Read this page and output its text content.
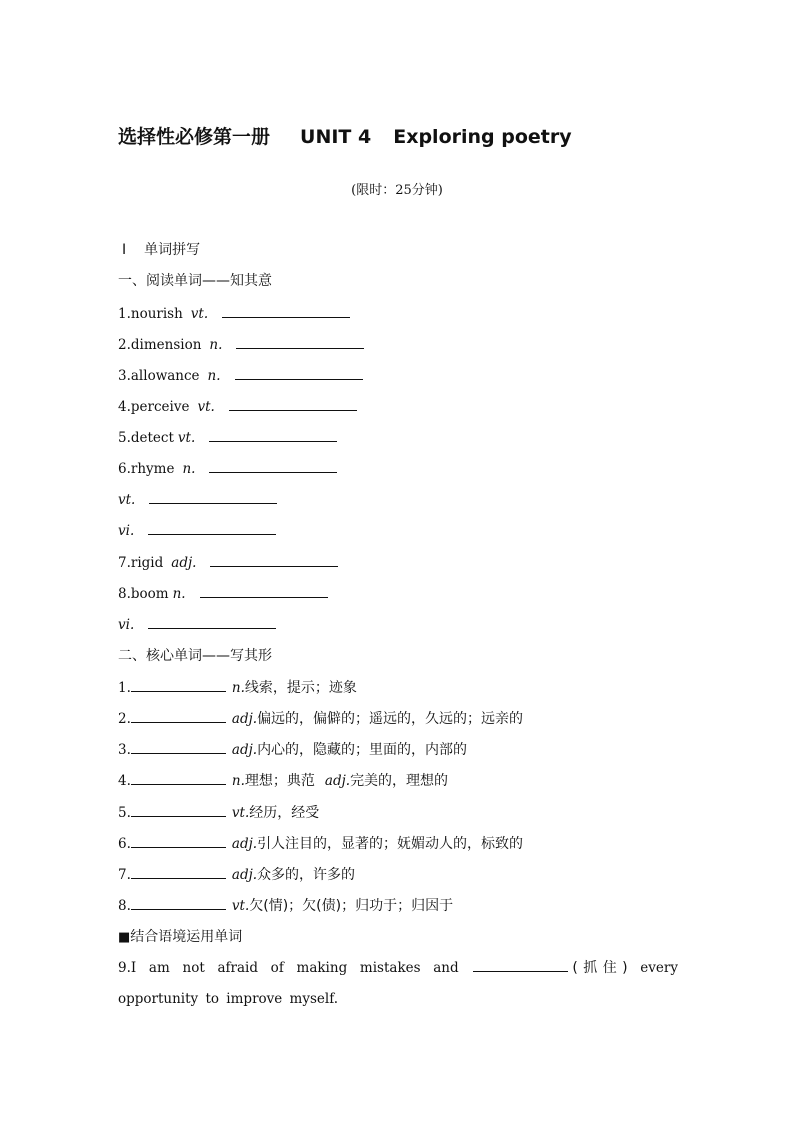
选择性必修第一册 UNIT 4 Exploring poetry
(限时：25分钟)
Ⅰ 单词拼写
一、阅读单词——知其意
1.nourish vt.
2.dimension n.
3.allowance n.
4.perceive vt.
5.detect vt.
6.rhyme n.
vt.
vi.
7.rigid adj.
8.boom n.
vi.
二、核心单词——写其形
1.	n.线索，提示；迹象
2.	adj.偏远的，偏僻的；遥远的，久远的；远亲的
3.	adj.内心的，隐藏的；里面的，内部的
4.	n.理想；典范 adj.完美的，理想的
5.	vt.经历，经受
6.	adj.引人注目的，显著的；妩媚动人的，标致的
7.	adj.众多的，许多的
8.	vt.欠(情)；欠(债)；归功于；归因于
■结合语境运用单词
9.I am not afraid of making mistakes and	(抓住) every opportunity to improve myself.
